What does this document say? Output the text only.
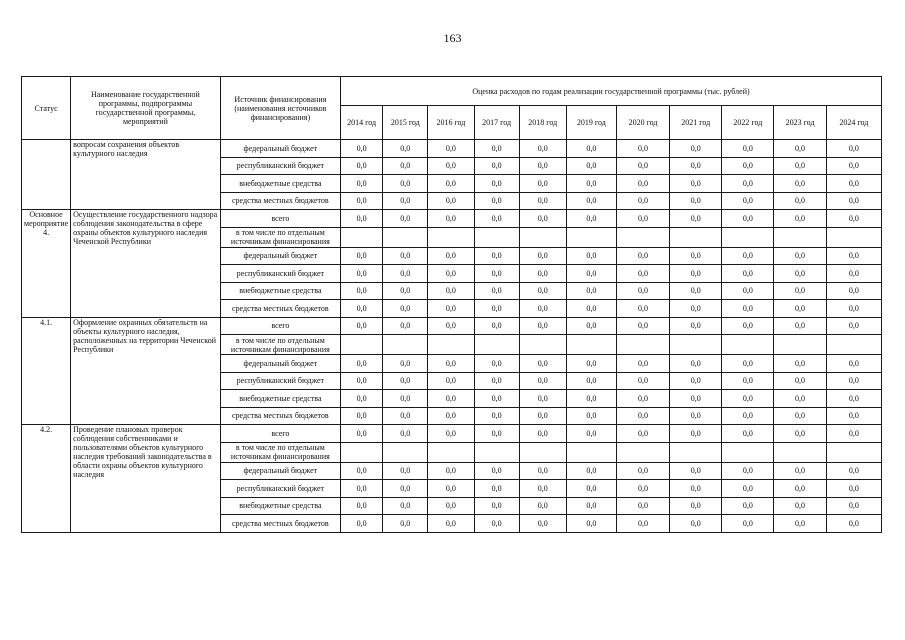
163
Статус	Наименование государственной программы, подпрограммы государственной программы, мероприятий	Источник финансирования (наименования источников финансирования)	Оценка расходов по годам реализации государственной программы (тыс. рублей)										
			2014 год	2015 год	2016 год	2017 год	2018 год	2019 год	2020 год	2021 год	2022 год	2023 год	2024 год
	вопросам сохранения объектов культурного наследия	федеральный бюджет	0,0	0,0	0,0	0,0	0,0	0,0	0,0	0,0	0,0	0,0	0,0
		республиканский бюджет	0,0	0,0	0,0	0,0	0,0	0,0	0,0	0,0	0,0	0,0	0,0
		внебюджетные средства	0,0	0,0	0,0	0,0	0,0	0,0	0,0	0,0	0,0	0,0	0,0
		средства местных бюджетов	0,0	0,0	0,0	0,0	0,0	0,0	0,0	0,0	0,0	0,0	0,0
Основное мероприятие 4.	Осуществление государственного надзора соблюдения законодательства в сфере охраны объектов культурного наследия Чеченской Республики	всего	0,0	0,0	0,0	0,0	0,0	0,0	0,0	0,0	0,0	0,0	0,0
		в том числе по отдельным источникам финансирования											
		федеральный бюджет	0,0	0,0	0,0	0,0	0,0	0,0	0,0	0,0	0,0	0,0	0,0
		республиканский бюджет	0,0	0,0	0,0	0,0	0,0	0,0	0,0	0,0	0,0	0,0	0,0
		внебюджетные средства	0,0	0,0	0,0	0,0	0,0	0,0	0,0	0,0	0,0	0,0	0,0
		средства местных бюджетов	0,0	0,0	0,0	0,0	0,0	0,0	0,0	0,0	0,0	0,0	0,0
4.1.	Оформление охранных обязательств на объекты культурного наследия, расположенных на территории Чеченской Республики	всего	0,0	0,0	0,0	0,0	0,0	0,0	0,0	0,0	0,0	0,0	0,0
		в том числе по отдельным источникам финансирования											
		федеральный бюджет	0,0	0,0	0,0	0,0	0,0	0,0	0,0	0,0	0,0	0,0	0,0
		республиканский бюджет	0,0	0,0	0,0	0,0	0,0	0,0	0,0	0,0	0,0	0,0	0,0
		внебюджетные средства	0,0	0,0	0,0	0,0	0,0	0,0	0,0	0,0	0,0	0,0	0,0
		средства местных бюджетов	0,0	0,0	0,0	0,0	0,0	0,0	0,0	0,0	0,0	0,0	0,0
4.2.	Проведение плановых проверок соблюдения собственниками и пользователями объектов культурного наследия требований законодательства в области охраны объектов культурного наследия	всего	0,0	0,0	0,0	0,0	0,0	0,0	0,0	0,0	0,0	0,0	0,0
		в том числе по отдельным источникам финансирования											
		федеральный бюджет	0,0	0,0	0,0	0,0	0,0	0,0	0,0	0,0	0,0	0,0	0,0
		республиканский бюджет	0,0	0,0	0,0	0,0	0,0	0,0	0,0	0,0	0,0	0,0	0,0
		внебюджетные средства	0,0	0,0	0,0	0,0	0,0	0,0	0,0	0,0	0,0	0,0	0,0
		средства местных бюджетов	0,0	0,0	0,0	0,0	0,0	0,0	0,0	0,0	0,0	0,0	0,0
